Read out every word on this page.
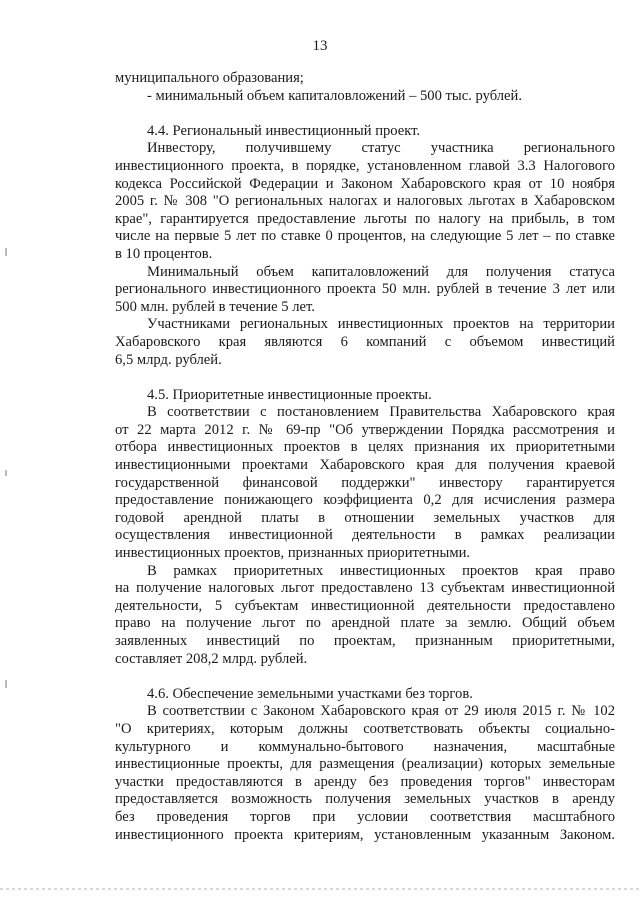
13
муниципального образования;
- минимальный объем капиталовложений – 500 тыс. рублей.
4.4. Региональный инвестиционный проект.
Инвестору, получившему статус участника регионального
инвестиционного проекта, в порядке, установленном главой 3.3 Налогового
кодекса Российской Федерации и Законом Хабаровского края от 10 ноября
2005 г. № 308 "О региональных налогах и налоговых льготах в Хабаровском
крае", гарантируется предоставление льготы по налогу на прибыль, в том
числе на первые 5 лет по ставке 0 процентов, на следующие 5 лет – по ставке
в 10 процентов.
Минимальный объем капиталовложений для получения статуса
регионального инвестиционного проекта 50 млн. рублей в течение 3 лет или
500 млн. рублей в течение 5 лет.
Участниками региональных инвестиционных проектов на территории
Хабаровского края являются 6 компаний с объемом инвестиций
6,5 млрд. рублей.
4.5. Приоритетные инвестиционные проекты.
В соответствии с постановлением Правительства Хабаровского края
от 22 марта 2012 г. № 69-пр "Об утверждении Порядка рассмотрения и
отбора инвестиционных проектов в целях признания их приоритетными
инвестиционными проектами Хабаровского края для получения краевой
государственной финансовой поддержки" инвестору гарантируется
предоставление понижающего коэффициента 0,2 для исчисления размера
годовой арендной платы в отношении земельных участков для
осуществления инвестиционной деятельности в рамках реализации
инвестиционных проектов, признанных приоритетными.
В рамках приоритетных инвестиционных проектов края право
на получение налоговых льгот предоставлено 13 субъектам инвестиционной
деятельности, 5 субъектам инвестиционной деятельности предоставлено
право на получение льгот по арендной плате за землю. Общий объем
заявленных инвестиций по проектам, признанным приоритетными,
составляет 208,2 млрд. рублей.
4.6. Обеспечение земельными участками без торгов.
В соответствии с Законом Хабаровского края от 29 июля 2015 г. № 102
"О критериях, которым должны соответствовать объекты социально-
культурного и коммунально-бытового назначения, масштабные
инвестиционные проекты, для размещения (реализации) которых земельные
участки предоставляются в аренду без проведения торгов" инвесторам
предоставляется возможность получения земельных участков в аренду
без проведения торгов при условии соответствия масштабного
инвестиционного проекта критериям, установленным указанным Законом.
